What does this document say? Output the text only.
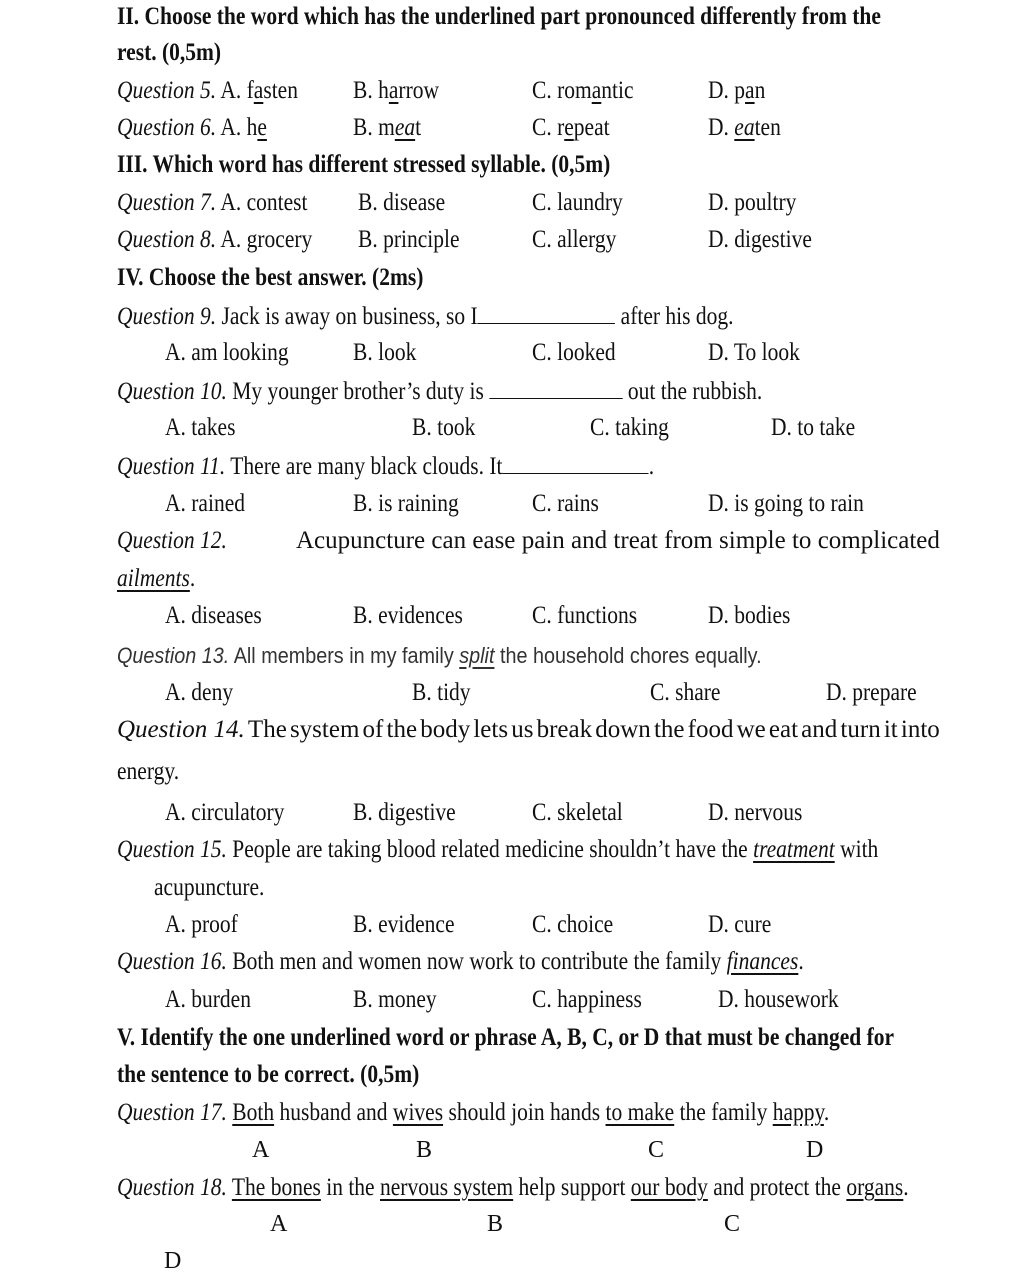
II. Choose the word which has the underlined part pronounced differently from the
rest. (0,5m)
Question 5. A. fasten B. harrow	C. romantic	D. pan
Question 6. A. he	B. meat	C. repeat	D. eaten
III. Which word has different stressed syllable. (0,5m)
Question 7. A. contest B. disease	C. laundry	D. poultry
Question 8. A. grocery B. principle	C. allergy	D. digestive
IV. Choose the best answer. (2ms)
Question 9. Jack is away on business, so I	after his dog.
A. am looking	B. look	C. looked	D. To look
Question 10. My younger brother’s duty is	out the rubbish.
A. takes	B. took	C. taking	D. to take
Question 11. There are many black clouds. It	.
A. rained	B. is raining	C. rains	D. is going to rain
Question 12.	Acupuncture can ease pain and treat from simple to complicated
ailments.
A. diseases	B. evidences	C. functions	D. bodies
Question 13. All members in my family split the household chores equally.
A. deny	B. tidy	C. share	D. prepare
Question 14. The system of the body lets us break down the food we eat and turn it into
energy.
A. circulatory	B. digestive	C. skeletal	D. nervous
Question 15. People are taking blood related medicine shouldn’t have the treatment with
acupuncture.
A. proof	B. evidence	C. choice	D. cure
Question 16. Both men and women now work to contribute the family finances.
A. burden	B. money	C. happiness	D. housework
V. Identify the one underlined word or phrase A, B, C, or D that must be changed for
the sentence to be correct. (0,5m)
Question 17. Both husband and wives should join hands to make the family happy.
A	B	C	D
Question 18. The bones in the nervous system help support our body and protect the organs.
A	B	C
D
